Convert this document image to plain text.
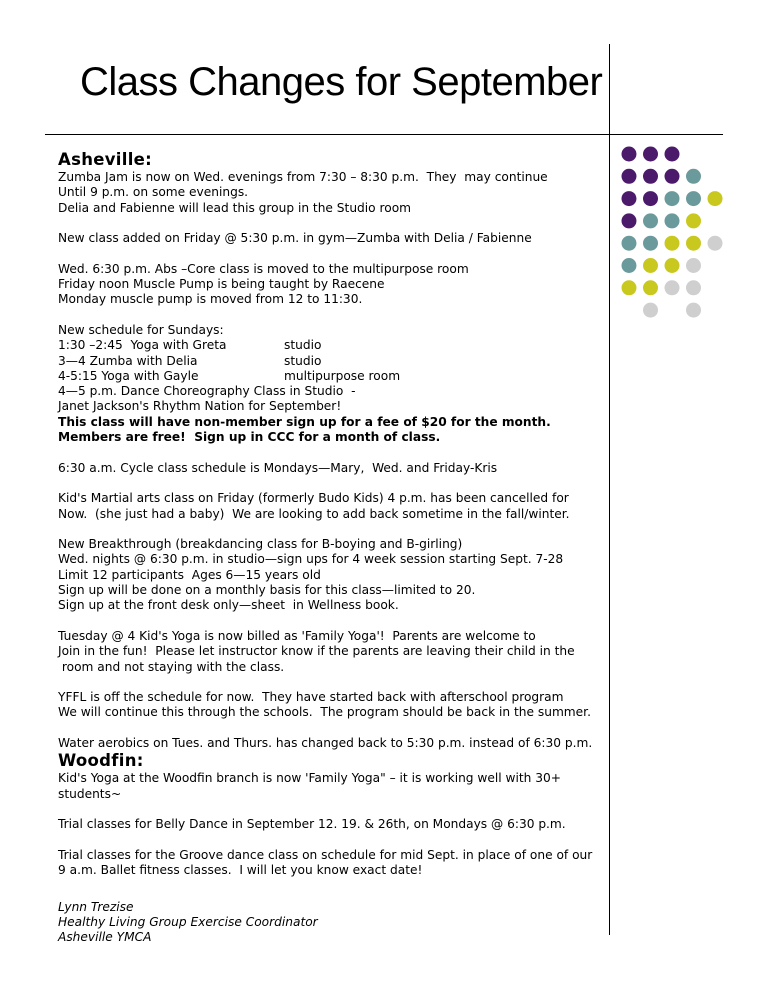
Class Changes for September

Asheville:

Zumba Jam is now on Wed. evenings from 7:30 – 8:30 p.m.  They  may continue

Until 9 p.m. on some evenings.

Delia and Fabienne will lead this group in the Studio room

New class added on Friday @ 5:30 p.m. in gym—Zumba with Delia / Fabienne

Wed. 6:30 p.m. Abs –Core class is moved to the multipurpose room

Friday noon Muscle Pump is being taught by Raecene

Monday muscle pump is moved from 12 to 11:30.

New schedule for Sundays:

1:30 –2:45  Yoga with Greta	studio

3—4 Zumba with Delia	studio

4-5:15 Yoga with Gayle	multipurpose room

4—5 p.m. Dance Choreography Class in Studio  -

Janet Jackson's Rhythm Nation for September!

This class will have non-member sign up for a fee of $20 for the month.

Members are free!  Sign up in CCC for a month of class.

6:30 a.m. Cycle class schedule is Mondays—Mary,  Wed. and Friday-Kris

Kid's Martial arts class on Friday (formerly Budo Kids) 4 p.m. has been cancelled for

Now.  (she just had a baby)  We are looking to add back sometime in the fall/winter.

New Breakthrough (breakdancing class for B-boying and B-girling)

Wed. nights @ 6:30 p.m. in studio—sign ups for 4 week session starting Sept. 7-28

Limit 12 participants  Ages 6—15 years old

Sign up will be done on a monthly basis for this class—limited to 20.

Sign up at the front desk only—sheet  in Wellness book.

Tuesday @ 4 Kid's Yoga is now billed as 'Family Yoga'!  Parents are welcome to

Join in the fun!  Please let instructor know if the parents are leaving their child in the

room and not staying with the class.

YFFL is off the schedule for now.  They have started back with afterschool program

We will continue this through the schools.  The program should be back in the summer.

Water aerobics on Tues. and Thurs. has changed back to 5:30 p.m. instead of 6:30 p.m.

Woodfin:

Kid's Yoga at the Woodfin branch is now 'Family Yoga" – it is working well with 30+

students~

Trial classes for Belly Dance in September 12. 19. & 26th, on Mondays @ 6:30 p.m.

Trial classes for the Groove dance class on schedule for mid Sept. in place of one of our

9 a.m. Ballet fitness classes.  I will let you know exact date!

Lynn Trezise

Healthy Living Group Exercise Coordinator

Asheville YMCA
